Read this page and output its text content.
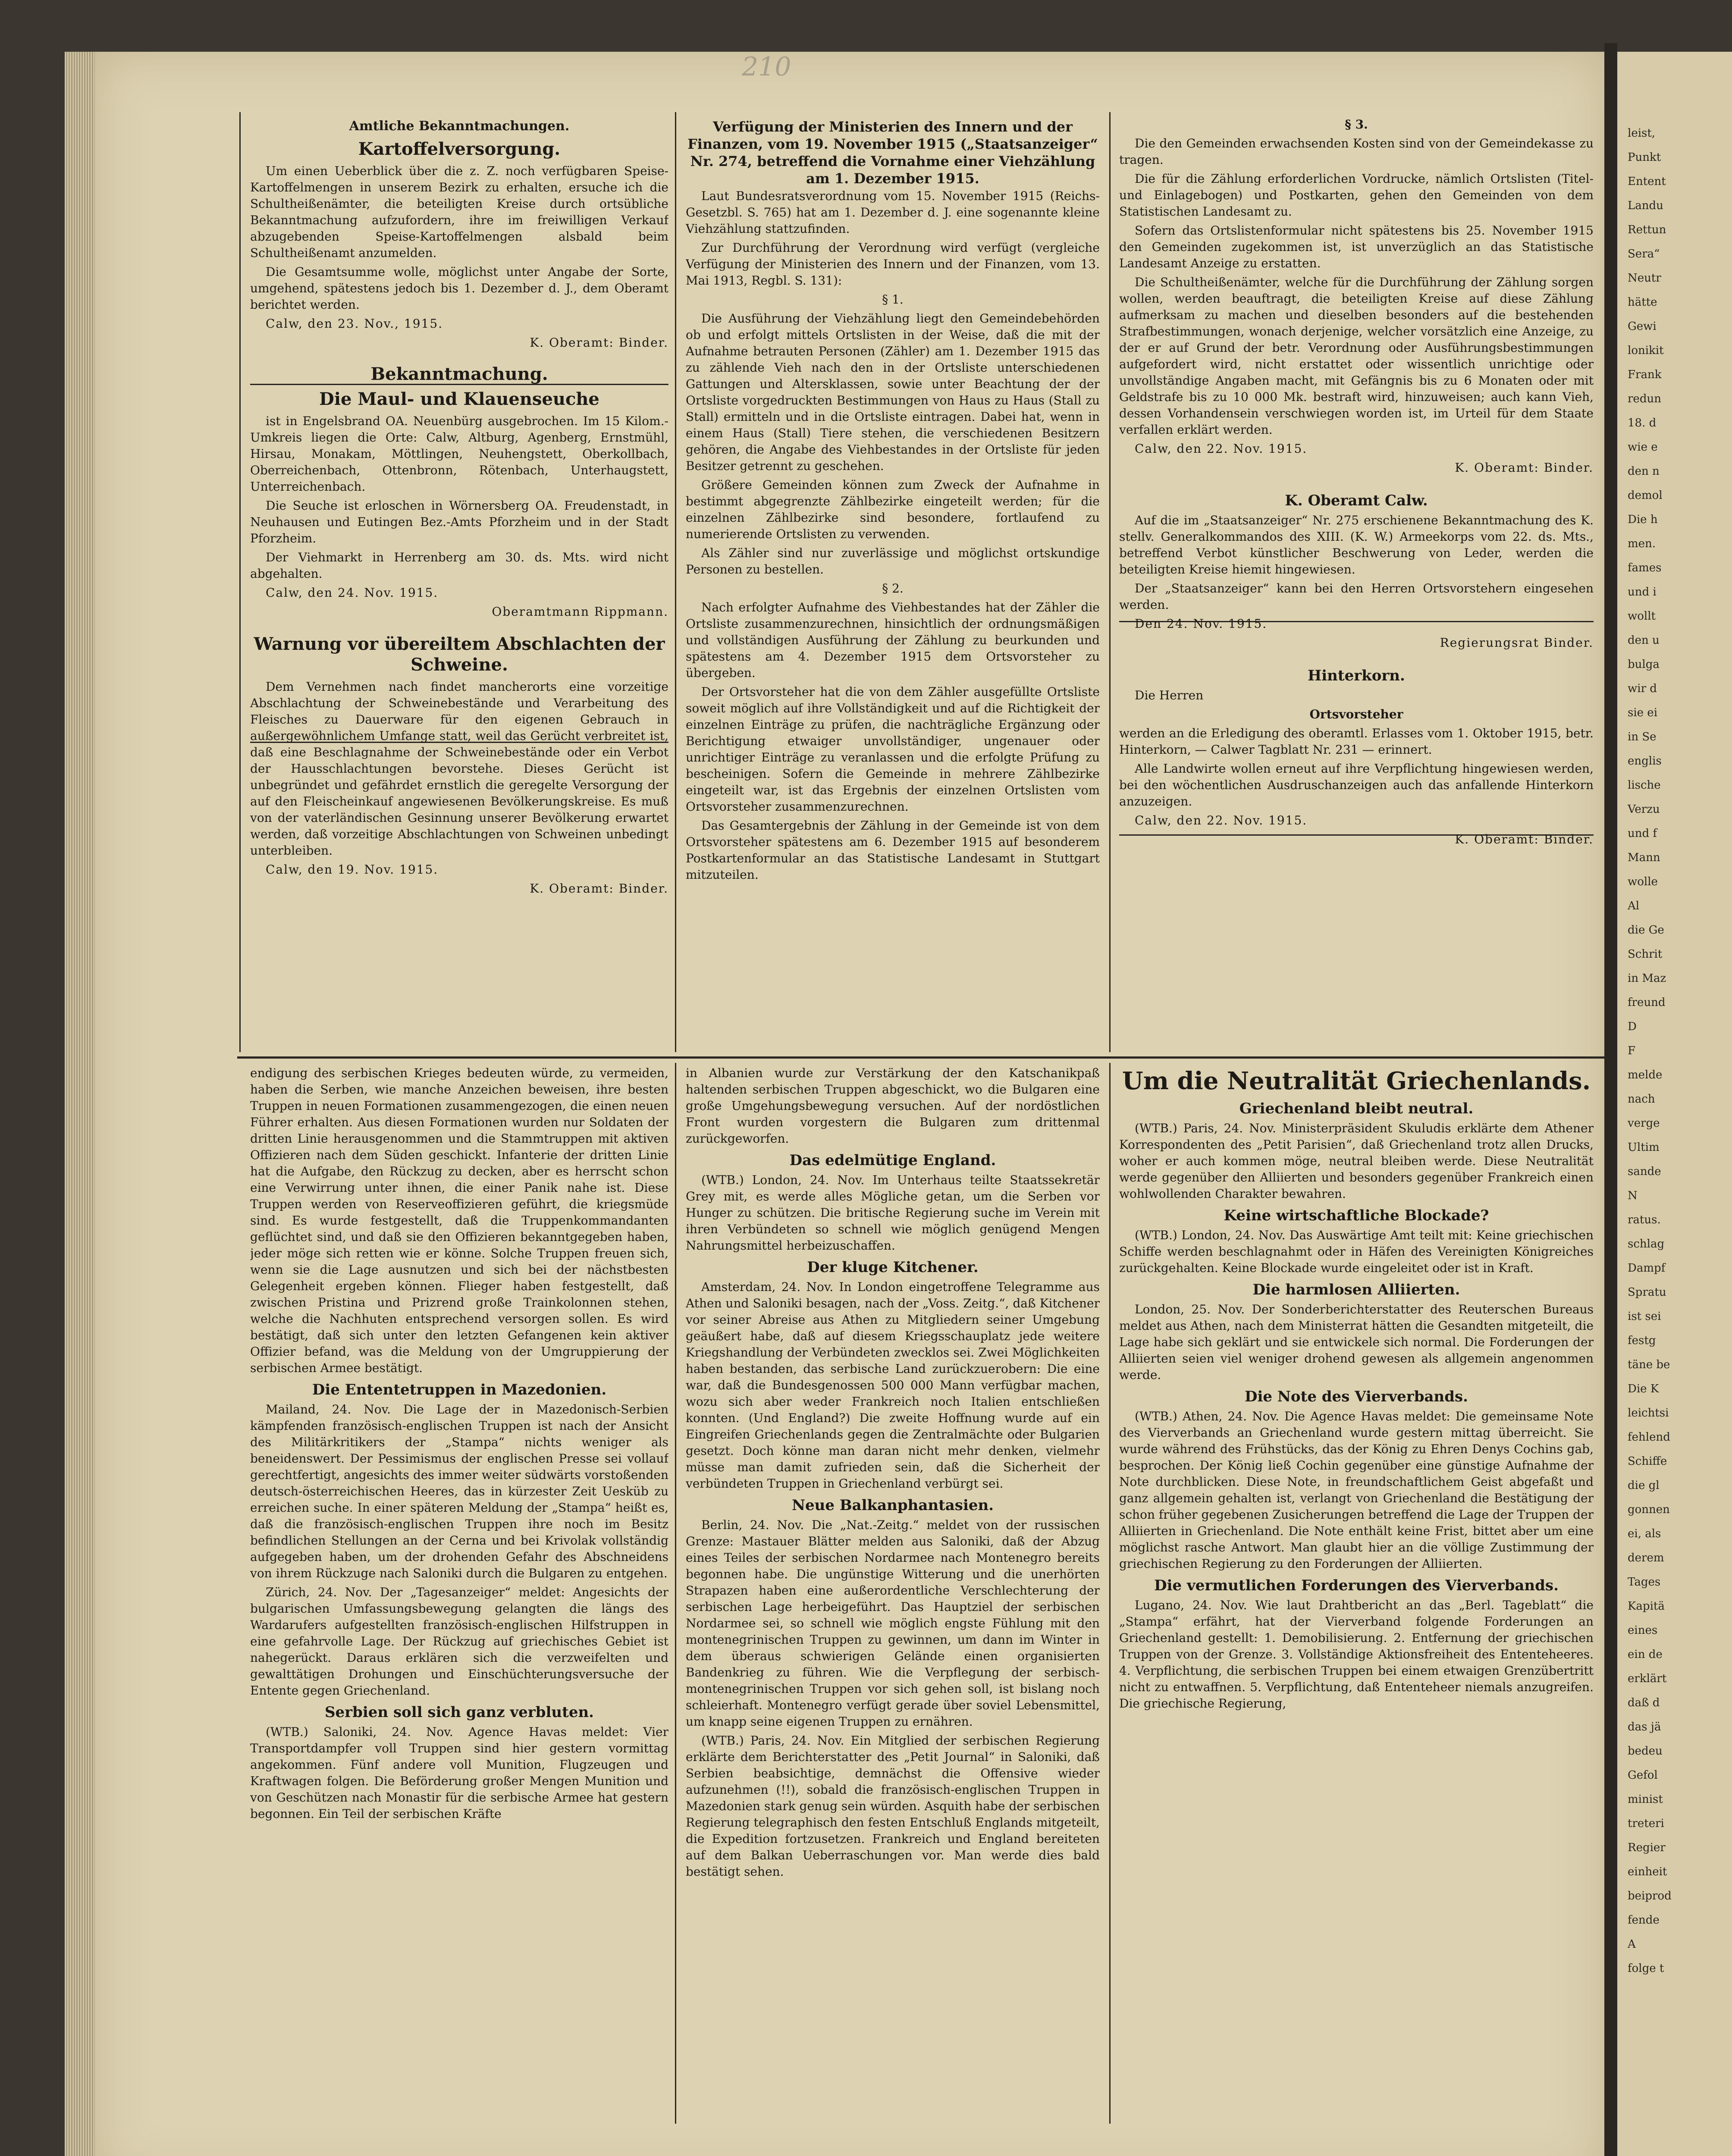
210
Amtliche Bekanntmachungen.
Kartoffelversorgung.

Um einen Ueberblick über die z. Z. noch verfügbaren Speise-Kartoffelmengen in unserem Bezirk zu erhalten, ersuche ich die Schultheißenämter, die beteiligten Kreise durch ortsübliche Bekanntmachung aufzufordern, ihre im freiwilligen Verkauf abzugebenden Speise-Kartoffelmengen alsbald beim Schultheißenamt anzumelden.

Die Gesamtsumme wolle, möglichst unter Angabe der Sorte, umgehend, spätestens jedoch bis 1. Dezember d. J., dem Oberamt berichtet werden.

Calw, den 23. Nov., 1915.

K. Oberamt: Binder.

Bekanntmachung.
Die Maul- und Klauenseuche

ist in Engelsbrand OA. Neuenbürg ausgebrochen. Im 15 Kilom.-Umkreis liegen die Orte: Calw, Altburg, Agenberg, Ernstmühl, Hirsau, Monakam, Möttlingen, Neuhengstett, Oberkollbach, Oberreichenbach, Ottenbronn, Rötenbach, Unterhaugstett, Unterreichenbach.

Die Seuche ist erloschen in Wörnersberg OA. Freudenstadt, in Neuhausen und Eutingen Bez.-Amts Pforzheim und in der Stadt Pforzheim.

Der Viehmarkt in Herrenberg am 30. ds. Mts. wird nicht abgehalten.

Calw, den 24. Nov. 1915.

Oberamtmann Rippmann.

Warnung vor übereiltem Abschlachten der Schweine.

Dem Vernehmen nach findet mancherorts eine vorzeitige Abschlachtung der Schweinebestände und Verarbeitung des Fleisches zu Dauerware für den eigenen Gebrauch in außergewöhnlichem Umfange statt, weil das Gerücht verbreitet ist, daß eine Beschlagnahme der Schweinebestände oder ein Verbot der Hausschlachtungen bevorstehe. Dieses Gerücht ist unbegründet und gefährdet ernstlich die geregelte Versorgung der auf den Fleischeinkauf angewiesenen Bevölkerungskreise. Es muß von der vaterländischen Gesinnung unserer Bevölkerung erwartet werden, daß vorzeitige Abschlachtungen von Schweinen unbedingt unterbleiben.

Calw, den 19. Nov. 1915.

K. Oberamt: Binder.

Verfügung der Ministerien des Innern und der Finanzen, vom 19. November 1915 („Staatsanzeiger“ Nr. 274, betreffend die Vornahme einer Viehzählung am 1. Dezember 1915.

Laut Bundesratsverordnung vom 15. November 1915 (Reichs-Gesetzbl. S. 765) hat am 1. Dezember d. J. eine sogenannte kleine Viehzählung stattzufinden.

Zur Durchführung der Verordnung wird verfügt (vergleiche Verfügung der Ministerien des Innern und der Finanzen, vom 13. Mai 1913, Regbl. S. 131):

§ 1.

Die Ausführung der Viehzählung liegt den Gemeindebehörden ob und erfolgt mittels Ortslisten in der Weise, daß die mit der Aufnahme betrauten Personen (Zähler) am 1. Dezember 1915 das zu zählende Vieh nach den in der Ortsliste unterschiedenen Gattungen und Altersklassen, sowie unter Beachtung der der Ortsliste vorgedruckten Bestimmungen von Haus zu Haus (Stall zu Stall) ermitteln und in die Ortsliste eintragen. Dabei hat, wenn in einem Haus (Stall) Tiere stehen, die verschiedenen Besitzern gehören, die Angabe des Viehbestandes in der Ortsliste für jeden Besitzer getrennt zu geschehen.

Größere Gemeinden können zum Zweck der Aufnahme in bestimmt abgegrenzte Zählbezirke eingeteilt werden; für die einzelnen Zählbezirke sind besondere, fortlaufend zu numerierende Ortslisten zu verwenden.

Als Zähler sind nur zuverlässige und möglichst ortskundige Personen zu bestellen.

§ 2.

Nach erfolgter Aufnahme des Viehbestandes hat der Zähler die Ortsliste zusammenzurechnen, hinsichtlich der ordnungsmäßigen und vollständigen Ausführung der Zählung zu beurkunden und spätestens am 4. Dezember 1915 dem Ortsvorsteher zu übergeben.

Der Ortsvorsteher hat die von dem Zähler ausgefüllte Ortsliste soweit möglich auf ihre Vollständigkeit und auf die Richtigkeit der einzelnen Einträge zu prüfen, die nachträgliche Ergänzung oder Berichtigung etwaiger unvollständiger, ungenauer oder unrichtiger Einträge zu veranlassen und die erfolgte Prüfung zu bescheinigen. Sofern die Gemeinde in mehrere Zählbezirke eingeteilt war, ist das Ergebnis der einzelnen Ortslisten vom Ortsvorsteher zusammenzurechnen.

Das Gesamtergebnis der Zählung in der Gemeinde ist von dem Ortsvorsteher spätestens am 6. Dezember 1915 auf besonderem Postkartenformular an das Statistische Landesamt in Stuttgart mitzuteilen.

§ 3.

Die den Gemeinden erwachsenden Kosten sind von der Gemeindekasse zu tragen.

Die für die Zählung erforderlichen Vordrucke, nämlich Ortslisten (Titel- und Einlagebogen) und Postkarten, gehen den Gemeinden von dem Statistischen Landesamt zu.

Sofern das Ortslistenformular nicht spätestens bis 25. November 1915 den Gemeinden zugekommen ist, ist unverzüglich an das Statistische Landesamt Anzeige zu erstatten.

Die Schultheißenämter, welche für die Durchführung der Zählung sorgen wollen, werden beauftragt, die beteiligten Kreise auf diese Zählung aufmerksam zu machen und dieselben besonders auf die bestehenden Strafbestimmungen, wonach derjenige, welcher vorsätzlich eine Anzeige, zu der er auf Grund der betr. Verordnung oder Ausführungsbestimmungen aufgefordert wird, nicht erstattet oder wissentlich unrichtige oder unvollständige Angaben macht, mit Gefängnis bis zu 6 Monaten oder mit Geldstrafe bis zu 10 000 Mk. bestraft wird, hinzuweisen; auch kann Vieh, dessen Vorhandensein verschwiegen worden ist, im Urteil für dem Staate verfallen erklärt werden.

Calw, den 22. Nov. 1915.

K. Oberamt: Binder.

K. Oberamt Calw.

Auf die im „Staatsanzeiger“ Nr. 275 erschienene Bekanntmachung des K. stellv. Generalkommandos des XIII. (K. W.) Armeekorps vom 22. ds. Mts., betreffend Verbot künstlicher Beschwerung von Leder, werden die beteiligten Kreise hiemit hingewiesen.

Der „Staatsanzeiger“ kann bei den Herren Ortsvorstehern eingesehen werden.

Den 24. Nov. 1915.

Regierungsrat Binder.

Hinterkorn.

Die Herren

Ortsvorsteher

werden an die Erledigung des oberamtl. Erlasses vom 1. Oktober 1915, betr. Hinterkorn, — Calwer Tagblatt Nr. 231 — erinnert.

Alle Landwirte wollen erneut auf ihre Verpflichtung hingewiesen werden, bei den wöchentlichen Ausdruschanzeigen auch das anfallende Hinterkorn anzuzeigen.

Calw, den 22. Nov. 1915.

K. Oberamt: Binder.

endigung des serbischen Krieges bedeuten würde, zu vermeiden, haben die Serben, wie manche Anzeichen beweisen, ihre besten Truppen in neuen Formationen zusammengezogen, die einen neuen Führer erhalten. Aus diesen Formationen wurden nur Soldaten der dritten Linie herausgenommen und die Stammtruppen mit aktiven Offizieren nach dem Süden geschickt. Infanterie der dritten Linie hat die Aufgabe, den Rückzug zu decken, aber es herrscht schon eine Verwirrung unter ihnen, die einer Panik nahe ist. Diese Truppen werden von Reserveoffizieren geführt, die kriegsmüde sind. Es wurde festgestellt, daß die Truppenkommandanten geflüchtet sind, und daß sie den Offizieren bekanntgegeben haben, jeder möge sich retten wie er könne. Solche Truppen freuen sich, wenn sie die Lage ausnutzen und sich bei der nächstbesten Gelegenheit ergeben können. Flieger haben festgestellt, daß zwischen Pristina und Prizrend große Trainkolonnen stehen, welche die Nachhuten entsprechend versorgen sollen. Es wird bestätigt, daß sich unter den letzten Gefangenen kein aktiver Offizier befand, was die Meldung von der Umgruppierung der serbischen Armee bestätigt.

Die Ententetruppen in Mazedonien.

Mailand, 24. Nov. Die Lage der in Mazedonisch-Serbien kämpfenden französisch-englischen Truppen ist nach der Ansicht des Militärkritikers der „Stampa“ nichts weniger als beneidenswert. Der Pessimismus der englischen Presse sei vollauf gerechtfertigt, angesichts des immer weiter südwärts vorstoßenden deutsch-österreichischen Heeres, das in kürzester Zeit Uesküb zu erreichen suche. In einer späteren Meldung der „Stampa“ heißt es, daß die französisch-englischen Truppen ihre noch im Besitz befindlichen Stellungen an der Cerna und bei Krivolak vollständig aufgegeben haben, um der drohenden Gefahr des Abschneidens von ihrem Rückzuge nach Saloniki durch die Bulgaren zu entgehen.

Zürich, 24. Nov. Der „Tagesanzeiger“ meldet: Angesichts der bulgarischen Umfassungsbewegung gelangten die längs des Wardarufers aufgestellten französisch-englischen Hilfstruppen in eine gefahrvolle Lage. Der Rückzug auf griechisches Gebiet ist nahegerückt. Daraus erklären sich die verzweifelten und gewalttätigen Drohungen und Einschüchterungsversuche der Entente gegen Griechenland.

Serbien soll sich ganz verbluten.

(WTB.) Saloniki, 24. Nov. Agence Havas meldet: Vier Transportdampfer voll Truppen sind hier gestern vormittag angekommen. Fünf andere voll Munition, Flugzeugen und Kraftwagen folgen. Die Beförderung großer Mengen Munition und von Geschützen nach Monastir für die serbische Armee hat gestern begonnen. Ein Teil der serbischen Kräfte

in Albanien wurde zur Verstärkung der den Katschanikpaß haltenden serbischen Truppen abgeschickt, wo die Bulgaren eine große Umgehungsbewegung versuchen. Auf der nordöstlichen Front wurden vorgestern die Bulgaren zum drittenmal zurückgeworfen.

Das edelmütige England.

(WTB.) London, 24. Nov. Im Unterhaus teilte Staatssekretär Grey mit, es werde alles Mögliche getan, um die Serben vor Hunger zu schützen. Die britische Regierung suche im Verein mit ihren Verbündeten so schnell wie möglich genügend Mengen Nahrungsmittel herbeizuschaffen.

Der kluge Kitchener.

Amsterdam, 24. Nov. In London eingetroffene Telegramme aus Athen und Saloniki besagen, nach der „Voss. Zeitg.“, daß Kitchener vor seiner Abreise aus Athen zu Mitgliedern seiner Umgebung geäußert habe, daß auf diesem Kriegsschauplatz jede weitere Kriegshandlung der Verbündeten zwecklos sei. Zwei Möglichkeiten haben bestanden, das serbische Land zurückzuerobern: Die eine war, daß die Bundesgenossen 500 000 Mann verfügbar machen, wozu sich aber weder Frankreich noch Italien entschließen konnten. (Und England?) Die zweite Hoffnung wurde auf ein Eingreifen Griechenlands gegen die Zentralmächte oder Bulgarien gesetzt. Doch könne man daran nicht mehr denken, vielmehr müsse man damit zufrieden sein, daß die Sicherheit der verbündeten Truppen in Griechenland verbürgt sei.

Neue Balkanphantasien.

Berlin, 24. Nov. Die „Nat.-Zeitg.“ meldet von der russischen Grenze: Mastauer Blätter melden aus Saloniki, daß der Abzug eines Teiles der serbischen Nordarmee nach Montenegro bereits begonnen habe. Die ungünstige Witterung und die unerhörten Strapazen haben eine außerordentliche Verschlechterung der serbischen Lage herbeigeführt. Das Hauptziel der serbischen Nordarmee sei, so schnell wie möglich engste Fühlung mit den montenegrinischen Truppen zu gewinnen, um dann im Winter in dem überaus schwierigen Gelände einen organisierten Bandenkrieg zu führen. Wie die Verpflegung der serbisch-montenegrinischen Truppen vor sich gehen soll, ist bislang noch schleierhaft. Montenegro verfügt gerade über soviel Lebensmittel, um knapp seine eigenen Truppen zu ernähren.

(WTB.) Paris, 24. Nov. Ein Mitglied der serbischen Regierung erklärte dem Berichterstatter des „Petit Journal“ in Saloniki, daß Serbien beabsichtige, demnächst die Offensive wieder aufzunehmen (!!), sobald die französisch-englischen Truppen in Mazedonien stark genug sein würden. Asquith habe der serbischen Regierung telegraphisch den festen Entschluß Englands mitgeteilt, die Expedition fortzusetzen. Frankreich und England bereiteten auf dem Balkan Ueberraschungen vor. Man werde dies bald bestätigt sehen.

Um die Neutralität Griechenlands.
Griechenland bleibt neutral.

(WTB.) Paris, 24. Nov. Ministerpräsident Skuludis erklärte dem Athener Korrespondenten des „Petit Parisien“, daß Griechenland trotz allen Drucks, woher er auch kommen möge, neutral bleiben werde. Diese Neutralität werde gegenüber den Alliierten und besonders gegenüber Frankreich einen wohlwollenden Charakter bewahren.

Keine wirtschaftliche Blockade?

(WTB.) London, 24. Nov. Das Auswärtige Amt teilt mit: Keine griechischen Schiffe werden beschlagnahmt oder in Häfen des Vereinigten Königreiches zurückgehalten. Keine Blockade wurde eingeleitet oder ist in Kraft.

Die harmlosen Alliierten.

London, 25. Nov. Der Sonderberichterstatter des Reuterschen Bureaus meldet aus Athen, nach dem Ministerrat hätten die Gesandten mitgeteilt, die Lage habe sich geklärt und sie entwickele sich normal. Die Forderungen der Alliierten seien viel weniger drohend gewesen als allgemein angenommen werde.

Die Note des Vierverbands.

(WTB.) Athen, 24. Nov. Die Agence Havas meldet: Die gemeinsame Note des Vierverbands an Griechenland wurde gestern mittag überreicht. Sie wurde während des Frühstücks, das der König zu Ehren Denys Cochins gab, besprochen. Der König ließ Cochin gegenüber eine günstige Aufnahme der Note durchblicken. Diese Note, in freundschaftlichem Geist abgefaßt und ganz allgemein gehalten ist, verlangt von Griechenland die Bestätigung der schon früher gegebenen Zusicherungen betreffend die Lage der Truppen der Alliierten in Griechenland. Die Note enthält keine Frist, bittet aber um eine möglichst rasche Antwort. Man glaubt hier an die völlige Zustimmung der griechischen Regierung zu den Forderungen der Alliierten.

Die vermutlichen Forderungen des Vierverbands.

Lugano, 24. Nov. Wie laut Drahtbericht an das „Berl. Tageblatt“ die „Stampa“ erfährt, hat der Vierverband folgende Forderungen an Griechenland gestellt: 1. Demobilisierung. 2. Entfernung der griechischen Truppen von der Grenze. 3. Vollständige Aktionsfreiheit des Ententeheeres. 4. Verpflichtung, die serbischen Truppen bei einem etwaigen Grenzübertritt nicht zu entwaffnen. 5. Verpflichtung, daß Ententeheer niemals anzugreifen. Die griechische Regierung,

leist,
Punkt
Entent
Landu
Rettun
Sera“
Neutr
hätte
Gewi
lonikit
Frank
redun
18. d
wie e
den n
demol
Die h
men.
fames
und i
wollt
den u
bulga
wir d
sie ei
in Se
englis
lische
Verzu
und f
Mann
wolle
Al
die Ge
Schrit
in Maz
freund
D
F
melde
nach
verge
Ultim
sande
N
ratus.
schlag
Dampf
Spratu
ist sei
festg
täne be
Die K
leichtsi
fehlend
Schiffe
die gl
gonnen
ei, als
derem
Tages
Kapitä
eines
ein de
erklärt
daß d
das jä
bedeu
Gefol
minist
treteri
Regier
einheit
beiprod
fende
A
folge t
